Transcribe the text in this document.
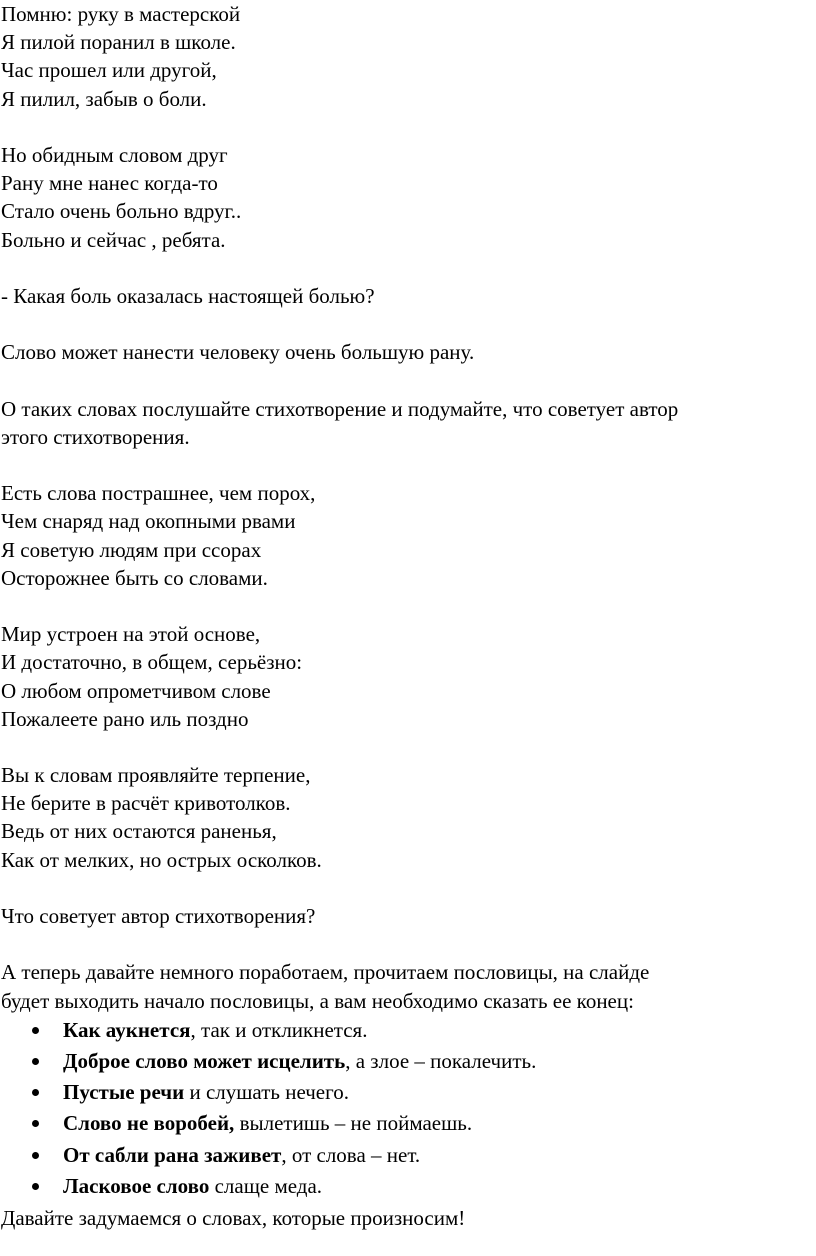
Помню: руку в мастерской
Я пилой поранил в школе.
Час прошел или другой,
Я пилил, забыв о боли.
Но обидным словом друг
Рану мне нанес когда-то
Стало очень больно вдруг..
Больно и сейчас , ребята.
- Какая боль оказалась настоящей болью?
Слово может нанести человеку очень большую рану.
О таких словах послушайте стихотворение и подумайте, что советует автор
этого стихотворения.
Есть слова пострашнее, чем порох,
Чем снаряд над окопными рвами
Я советую людям при ссорах
Осторожнее быть со словами.
Мир устроен на этой основе,
И достаточно, в общем, серьёзно:
О любом опрометчивом слове
Пожалеете рано иль поздно
Вы к словам проявляйте терпение,
Не берите в расчёт кривотолков.
Ведь от них остаются раненья,
Как от мелких, но острых осколков.
Что советует автор стихотворения?
А теперь давайте немного поработаем, прочитаем пословицы, на слайде
будет выходить начало пословицы, а вам необходимо сказать ее конец:
Как аукнется, так и откликнется.
Доброе слово может исцелить, а злое – покалечить.
Пустые речи и слушать нечего.
Слово не воробей, вылетишь – не поймаешь.
От сабли рана заживет, от слова – нет.
Ласковое слово слаще меда.
Давайте задумаемся о словах, которые произносим!
